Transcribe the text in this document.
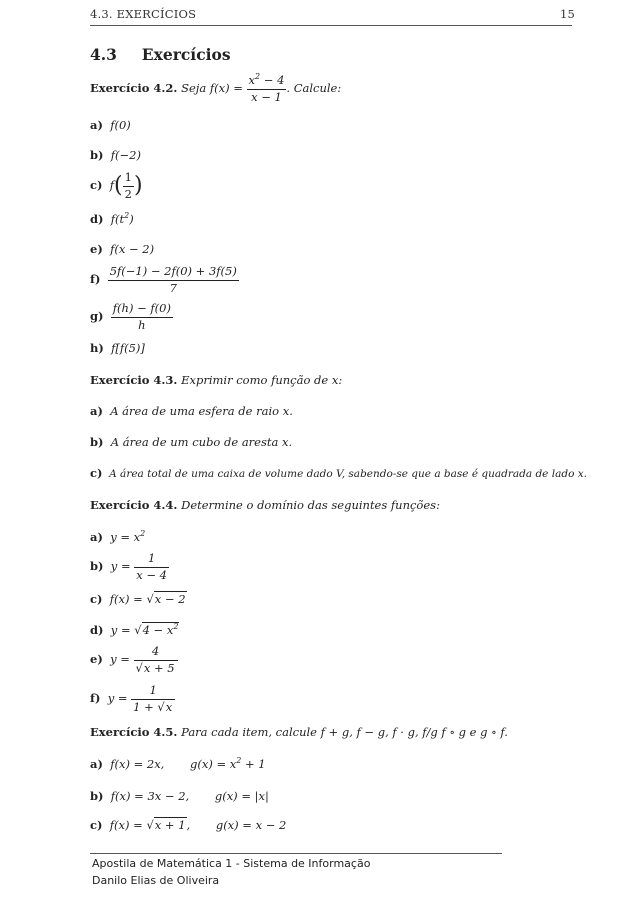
4.3. EXERCÍCIOS	15
4.3 Exercícios
Exercício 4.2. Seja $f(x) = \frac{x^2 - 4}{x - 1}$ . Calcule:
a) f(0)
b) f(−2)
c) $f( \frac{1}{2}$ )
d) $f(t^2)$
e) f(x − 2)
$f) \frac{5f(-1) - 2f(0) + 3f(5)}{7}$
$g) \frac{f(h) - f(0)}{h}$
h) f[f(5)]
Exercício 4.3. Exprimir como função de x:
a) A área de uma esfera de raio x.
b) A área de um cubo de aresta x.
c) A área total de uma caixa de volume dado V, sabendo-se que a base é quadrada de lado x.
Exercício 4.4. Determine o domínio das seguintes funções:
a) $y = x^2$
b) $y = \frac{1}{x - 4}$
c) f(x) = √x − 2
d) $y = √4 - x^2$
e) $y = \frac{4}{√x + 5}$
f) $y = \frac{1}{1 + √x}$
Exercício 4.5. Para cada item, calcule f + g, f − g, f · g, f/g f ∘ g e g ∘ f.
a) f(x) = 2x, $g(x) = x^2 + 1$
b) f(x) = 3x − 2, g(x) = |x|
c) f(x) = √x + 1, g(x) = x − 2
Apostila de Matemática 1 - Sistema de Informação
Danilo Elias de Oliveira
